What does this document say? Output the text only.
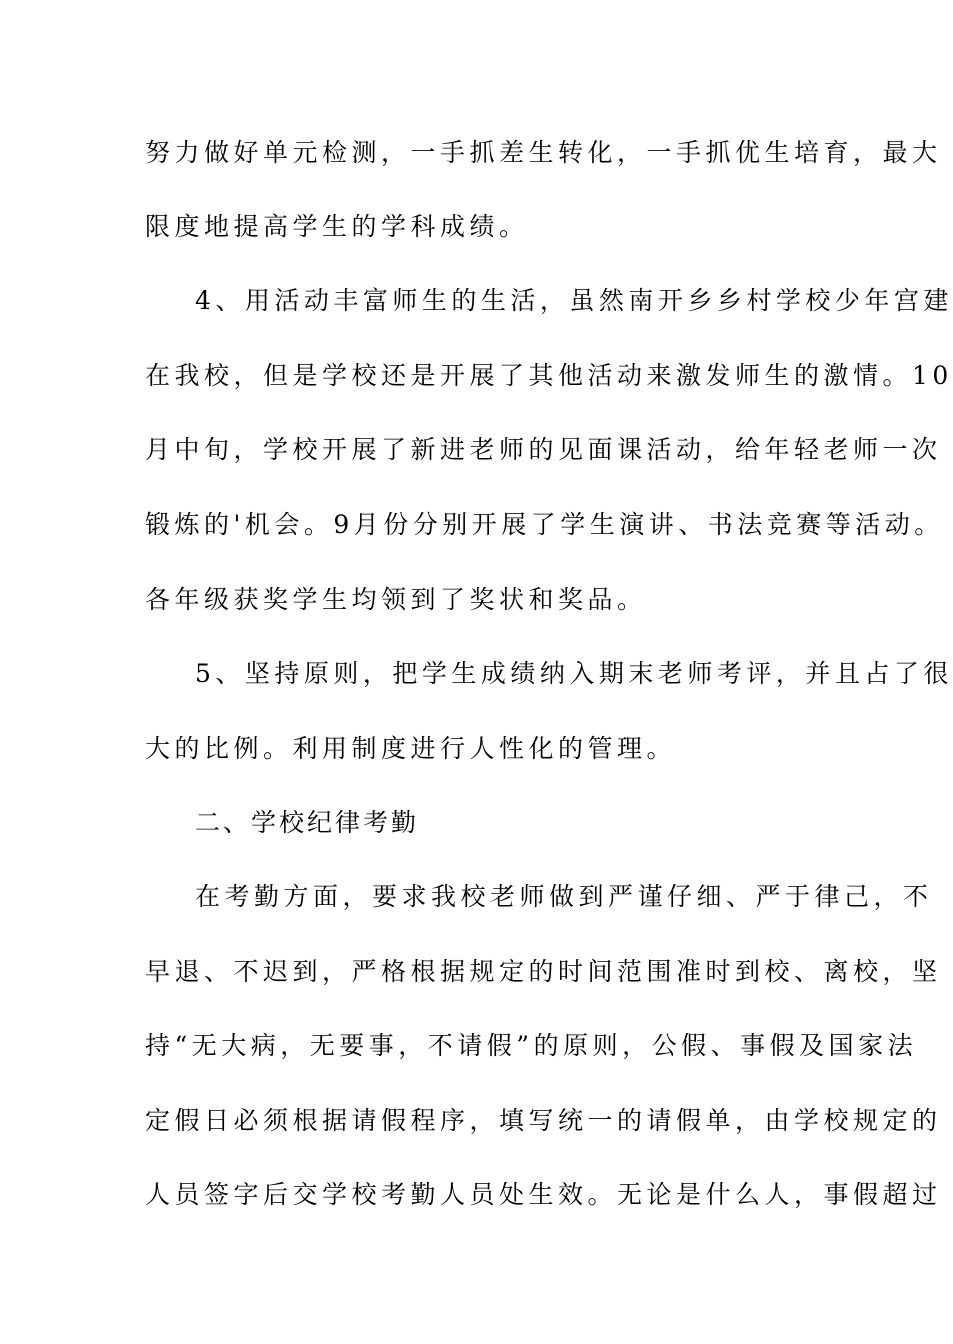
努力做好单元检测，一手抓差生转化，一手抓优生培育，最大
限度地提高学生的学科成绩。
4、用活动丰富师生的生活，虽然南开乡乡村学校少年宫建
在我校，但是学校还是开展了其他活动来激发师生的激情。10
月中旬，学校开展了新进老师的见面课活动，给年轻老师一次
锻炼的'机会。9月份分别开展了学生演讲、书法竞赛等活动。
各年级获奖学生均领到了奖状和奖品。
5、坚持原则，把学生成绩纳入期末老师考评，并且占了很
大的比例。利用制度进行人性化的管理。
二、学校纪律考勤
在考勤方面，要求我校老师做到严谨仔细、严于律己，不
早退、不迟到，严格根据规定的时间范围准时到校、离校，坚
持“无大病，无要事，不请假”的原则，公假、事假及国家法
定假日必须根据请假程序，填写统一的请假单，由学校规定的
人员签字后交学校考勤人员处生效。无论是什么人，事假超过
